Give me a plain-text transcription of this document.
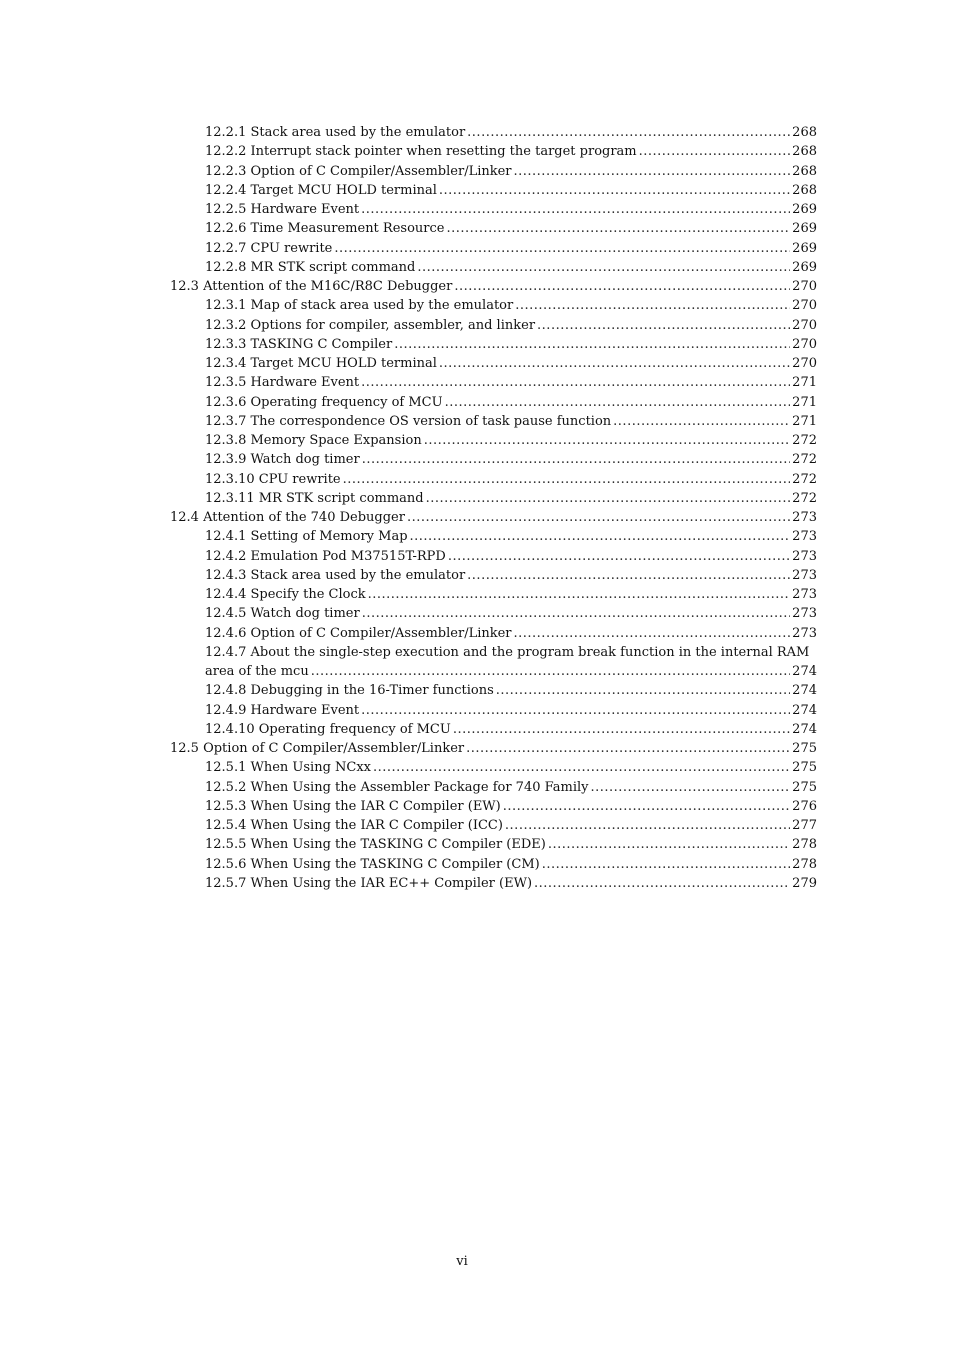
12.2.1 Stack area used by the emulator .....	268
12.2.2 Interrupt stack pointer when resetting the target program .....	268
12.2.3 Option of C Compiler/Assembler/Linker .....	268
12.2.4 Target MCU HOLD terminal .....	268
12.2.5 Hardware Event .....	269
12.2.6 Time Measurement Resource .....	269
12.2.7 CPU rewrite .....	269
12.2.8 MR STK script command .....	269
12.3 Attention of the M16C/R8C Debugger .....	270
12.3.1 Map of stack area used by the emulator .....	270
12.3.2 Options for compiler, assembler, and linker .....	270
12.3.3 TASKING C Compiler .....	270
12.3.4 Target MCU HOLD terminal .....	270
12.3.5 Hardware Event .....	271
12.3.6 Operating frequency of MCU .....	271
12.3.7 The correspondence OS version of task pause function .....	271
12.3.8 Memory Space Expansion .....	272
12.3.9 Watch dog timer .....	272
12.3.10 CPU rewrite .....	272
12.3.11 MR STK script command .....	272
12.4 Attention of the 740 Debugger .....	273
12.4.1 Setting of Memory Map .....	273
12.4.2 Emulation Pod M37515T-RPD .....	273
12.4.3 Stack area used by the emulator .....	273
12.4.4 Specify the Clock .....	273
12.4.5 Watch dog timer .....	273
12.4.6 Option of C Compiler/Assembler/Linker .....	273
12.4.7 About the single-step execution and the program break function in the internal RAM
area of the mcu .....	274
12.4.8 Debugging in the 16-Timer functions .....	274
12.4.9 Hardware Event .....	274
12.4.10 Operating frequency of MCU .....	274
12.5 Option of C Compiler/Assembler/Linker .....	275
12.5.1 When Using NCxx .....	275
12.5.2 When Using the Assembler Package for 740 Family .....	275
12.5.3 When Using the IAR C Compiler (EW) .....	276
12.5.4 When Using the IAR C Compiler (ICC) .....	277
12.5.5 When Using the TASKING C Compiler (EDE) .....	278
12.5.6 When Using the TASKING C Compiler (CM) .....	278
12.5.7 When Using the IAR EC++ Compiler (EW) .....	279
vi
